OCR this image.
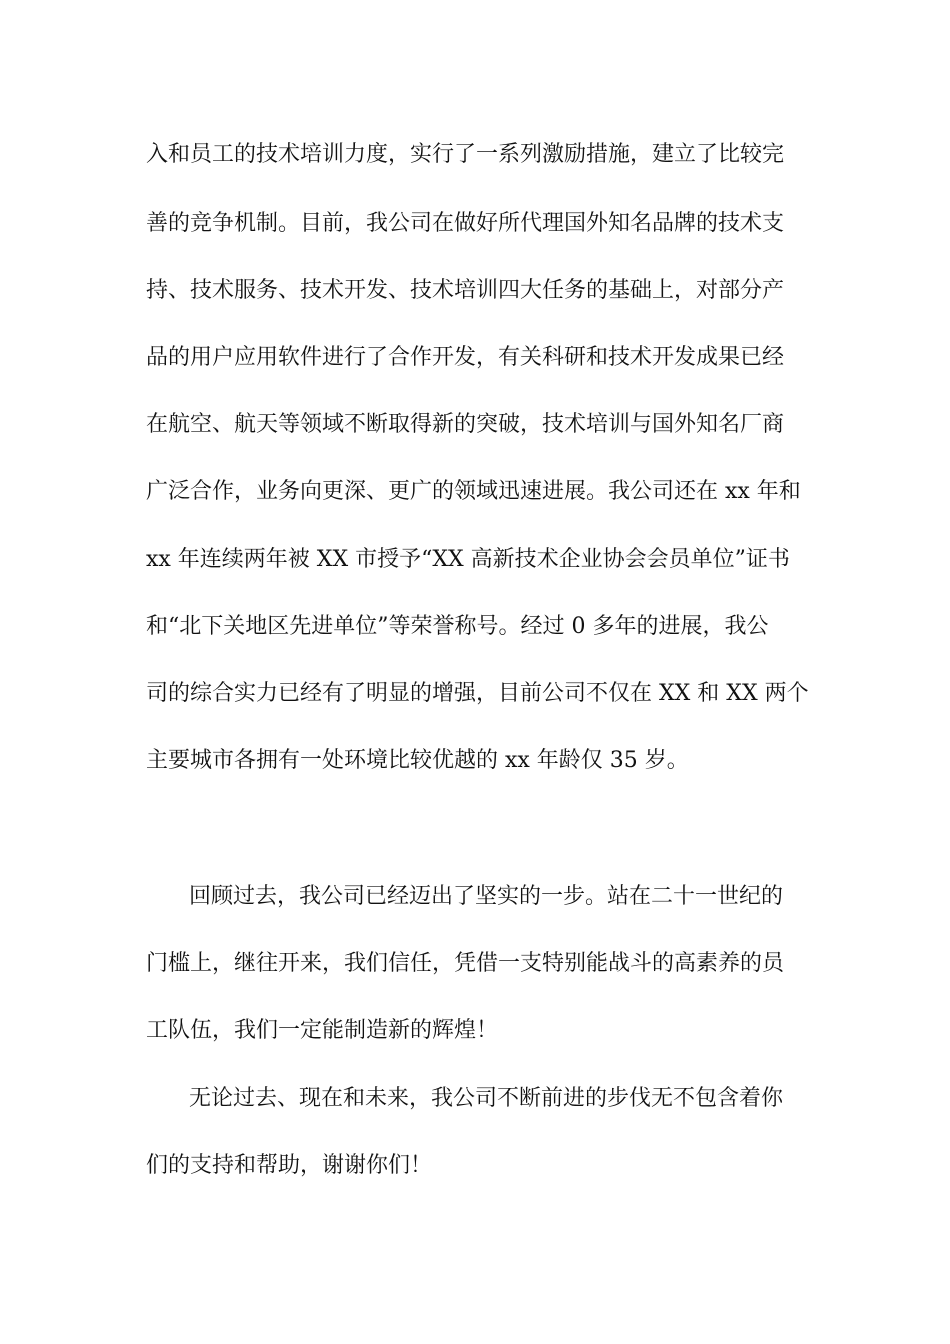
入和员工的技术培训力度，实行了一系列激励措施，建立了比较完
善的竞争机制。目前，我公司在做好所代理国外知名品牌的技术支
持、技术服务、技术开发、技术培训四大任务的基础上，对部分产
品的用户应用软件进行了合作开发，有关科研和技术开发成果已经
在航空、航天等领域不断取得新的突破，技术培训与国外知名厂商
广泛合作，业务向更深、更广的领域迅速进展。我公司还在 xx 年和
xx 年连续两年被 XX 市授予“XX 高新技术企业协会会员单位”证书
和“北下关地区先进单位”等荣誉称号。经过 0 多年的进展，我公
司的综合实力已经有了明显的增强，目前公司不仅在 XX 和 XX 两个
主要城市各拥有一处环境比较优越的 xx 年龄仅 35 岁。
回顾过去，我公司已经迈出了坚实的一步。站在二十一世纪的
门槛上，继往开来，我们信任，凭借一支特别能战斗的高素养的员
工队伍，我们一定能制造新的辉煌！
无论过去、现在和未来，我公司不断前进的步伐无不包含着你
们的支持和帮助，谢谢你们！
